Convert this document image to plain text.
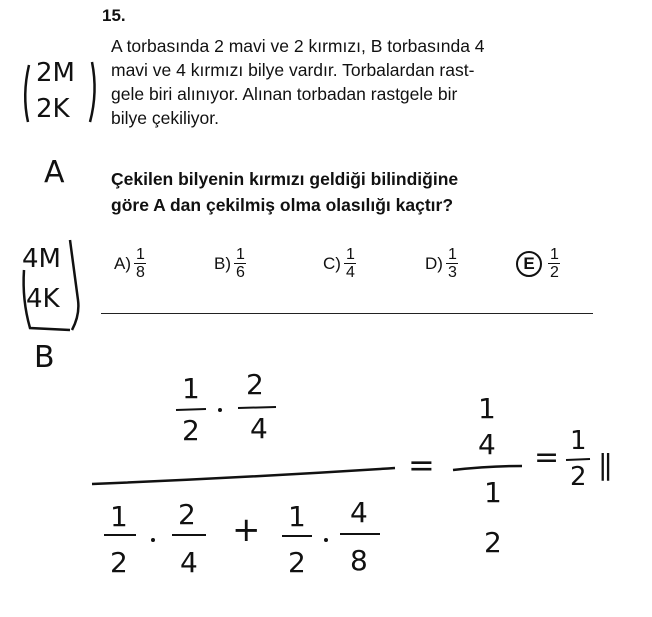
15.
A torbasında 2 mavi ve 2 kırmızı, B torbasında 4
mavi ve 4 kırmızı bilye vardır. Torbalardan rast-
gele biri alınıyor. Alınan torbadan rastgele bir
bilye çekiliyor.
Çekilen bilyenin kırmızı geldiği bilindiğine
göre A dan çekilmiş olma olasılığı kaçtır?
$A) \frac{1}{8}$	$B) \frac{1}{6}$	$C) \frac{1}{4}$	$D) \frac{1}{3}$	E $\frac{1}{2}$
2M
2K
A
4M
4K
B
1
2
2
4
1
2
2
4
+ 1
2
4
8
=
1
4
1
2
= 1
2 ||
